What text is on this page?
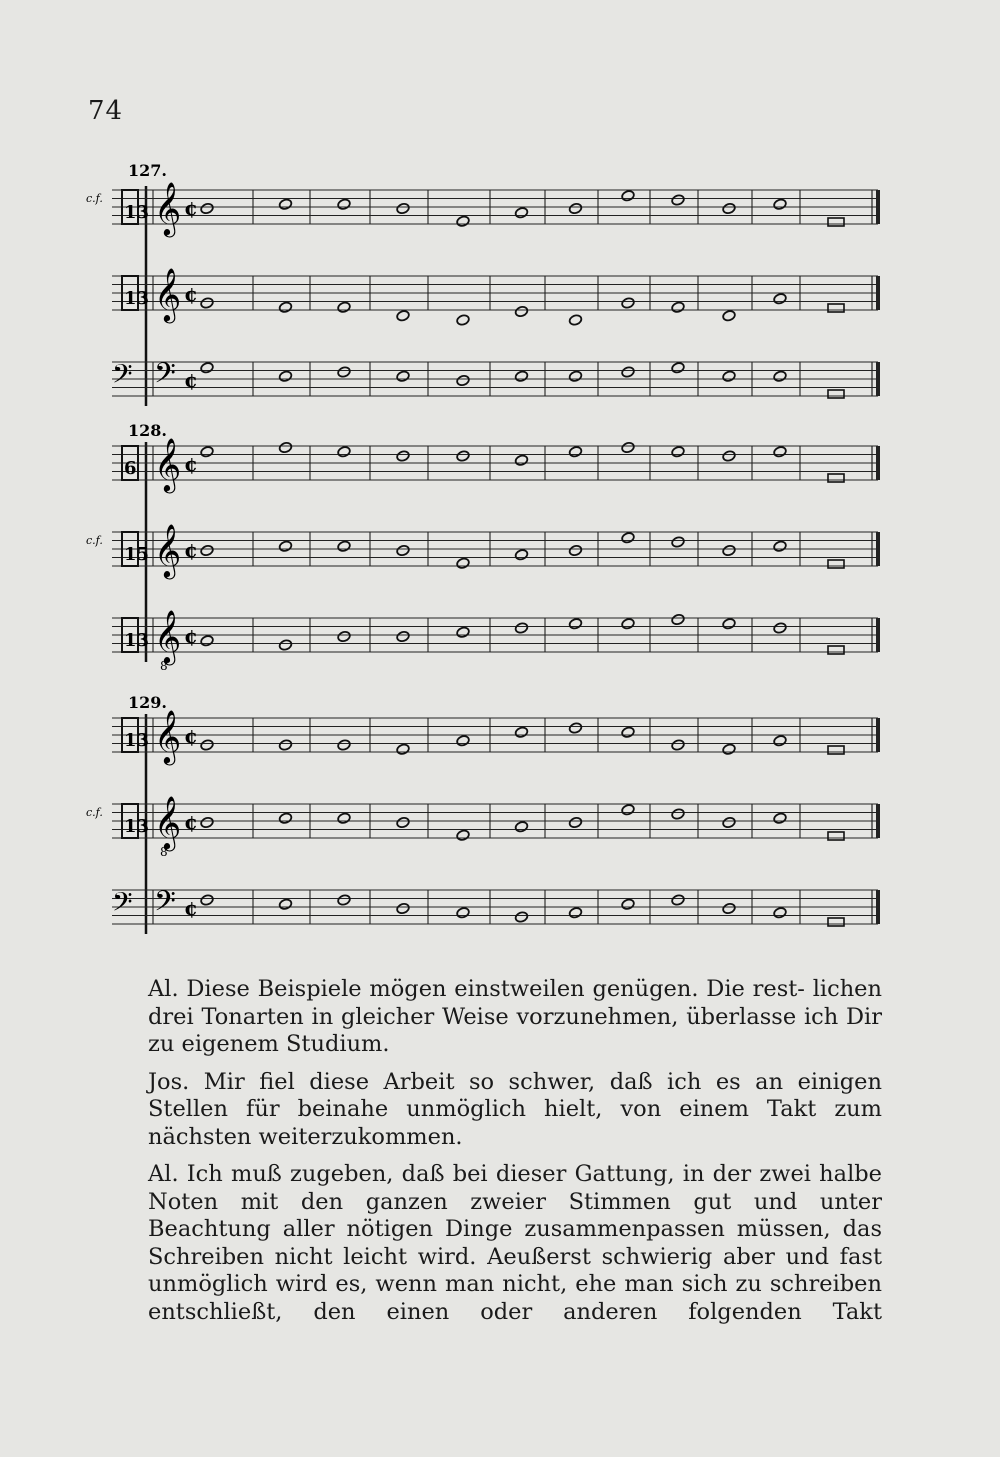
74
127.
𝄞 ¢
13
c.f.
𝄞 ¢
13
𝄢 ¢
𝄢
128.
𝄞 ¢
6
𝄞 ¢
15
c.f.
𝄞
8
¢
13
129.
𝄞 ¢
13
𝄞
8
¢
13
c.f.
𝄢 ¢
𝄢

Al. Diese Beispiele mögen einstweilen genügen. Die rest- lichen drei Tonarten in gleicher Weise vorzunehmen, überlasse ich Dir zu eigenem Studium.

Jos. Mir fiel diese Arbeit so schwer, daß ich es an einigen Stellen für beinahe unmöglich hielt, von einem Takt zum nächsten weiterzukommen.

Al. Ich muß zugeben, daß bei dieser Gattung, in der zwei halbe Noten mit den ganzen zweier Stimmen gut und unter Beachtung aller nötigen Dinge zusammenpassen müssen, das Schreiben nicht leicht wird. Aeußerst schwierig aber und fast unmöglich wird es, wenn man nicht, ehe man sich zu schreiben entschließt, den einen oder anderen folgenden Takt
